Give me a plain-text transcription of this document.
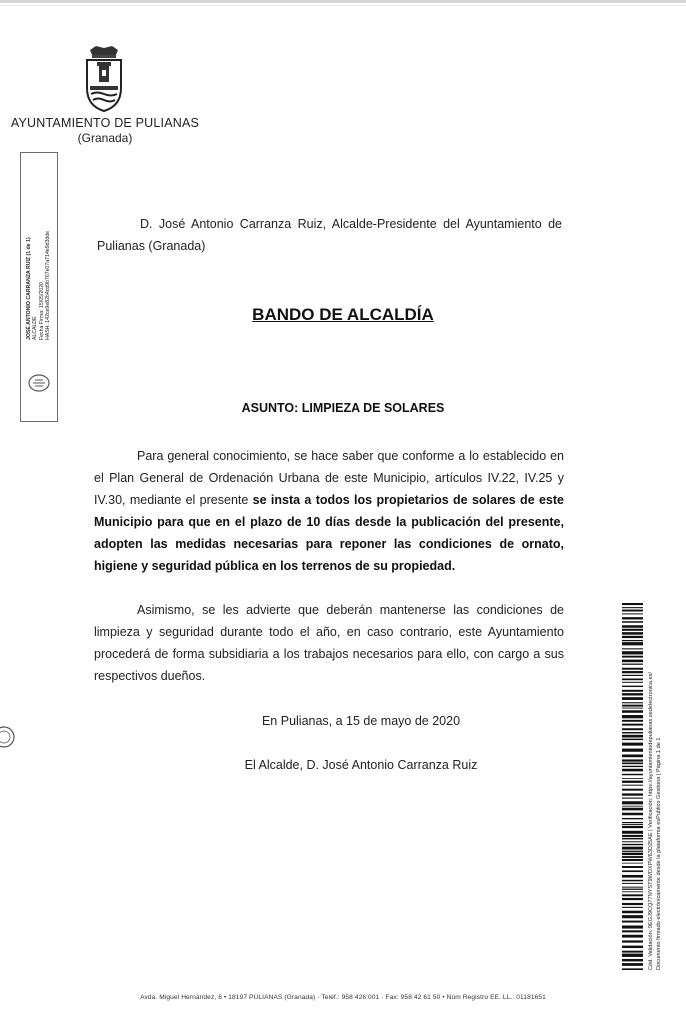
AYUNTAMIENTO DE PULIANAS
(Granada)
JOSÉ ANTONIO CARRANZA RUIZ (1 de 1) ALCALDE Fecha Firma: 15/05/2020 HASH: 142ce9e82b4cd9b767e07a714e9d3dde
D. José Antonio Carranza Ruiz, Alcalde-Presidente del Ayuntamiento de Pulianas (Granada)
BANDO DE ALCALDÍA
ASUNTO: LIMPIEZA DE SOLARES
Para general conocimiento, se hace saber que conforme a lo establecido en el Plan General de Ordenación Urbana de este Municipio, artículos IV.22, IV.25 y IV.30, mediante el presente se insta a todos los propietarios de solares de este Municipio para que en el plazo de 10 días desde la publicación del presente, adopten las medidas necesarias para reponer las condiciones de ornato, higiene y seguridad pública en los terrenos de su propiedad.
Asimismo, se les advierte que deberán mantenerse las condiciones de limpieza y seguridad durante todo el año, en caso contrario, este Ayuntamiento procederá de forma subsidiaria a los trabajos necesarios para ello, con cargo a sus respectivos dueños.
En Pulianas, a 15 de mayo de 2020
El Alcalde, D. José Antonio Carranza Ruiz	Cód. Validación: 9EGJ9CQ77NYST9WDXPW63D25AE | Verificación: https://ayuntamientodepulianas.sedelectronica.es/ Documento firmado electrónicamente desde la plataforma esPublico Gestiona | Página 1 de 1
Avda. Miguel Hernández, 6 • 18197 PULIANAS (Granada) · Teléf.: 958 426 001 · Fax: 958 42 61 50 • Núm Registro EE. LL.: 01181651
